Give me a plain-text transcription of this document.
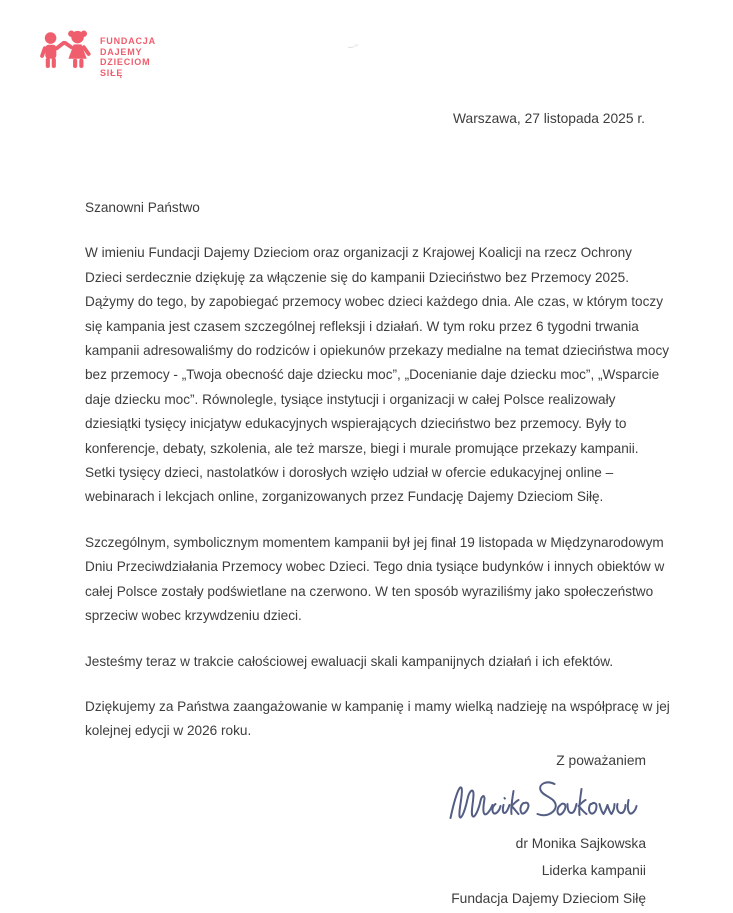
FUNDACJA
DAJEMY
DZIECIOM
SIŁĘ
Warszawa, 27 listopada 2025 r.

Szanowni Państwo

W imieniu Fundacji Dajemy Dzieciom oraz organizacji z Krajowej Koalicji na rzecz Ochrony Dzieci serdecznie dziękuję za włączenie się do kampanii Dzieciństwo bez Przemocy 2025. Dążymy do tego, by zapobiegać przemocy wobec dzieci każdego dnia. Ale czas, w którym toczy się kampania jest czasem szczególnej refleksji i działań. W tym roku przez 6 tygodni trwania kampanii adresowaliśmy do rodziców i opiekunów przekazy medialne na temat dzieciństwa mocy bez przemocy - „Twoja obecność daje dziecku moc”, „Docenianie daje dziecku moc”, „Wsparcie daje dziecku moc”. Równolegle, tysiące instytucji i organizacji w całej Polsce realizowały dziesiątki tysięcy inicjatyw edukacyjnych wspierających dzieciństwo bez przemocy. Były to konferencje, debaty, szkolenia, ale też marsze, biegi i murale promujące przekazy kampanii. Setki tysięcy dzieci, nastolatków i dorosłych wzięło udział w ofercie edukacyjnej online – webinarach i lekcjach online, zorganizowanych przez Fundację Dajemy Dzieciom Siłę.

Szczególnym, symbolicznym momentem kampanii był jej finał 19 listopada w Międzynarodowym Dniu Przeciwdziałania Przemocy wobec Dzieci. Tego dnia tysiące budynków i innych obiektów w całej Polsce zostały podświetlane na czerwono. W ten sposób wyraziliśmy jako społeczeństwo sprzeciw wobec krzywdzeniu dzieci.

Jesteśmy teraz w trakcie całościowej ewaluacji skali kampanijnych działań i ich efektów.

Dziękujemy za Państwa zaangażowanie w kampanię i mamy wielką nadzieję na współpracę w jej kolejnej edycji w 2026 roku.

Z poważaniem
dr Monika Sajkowska
Liderka kampanii
Fundacja Dajemy Dzieciom Siłę
